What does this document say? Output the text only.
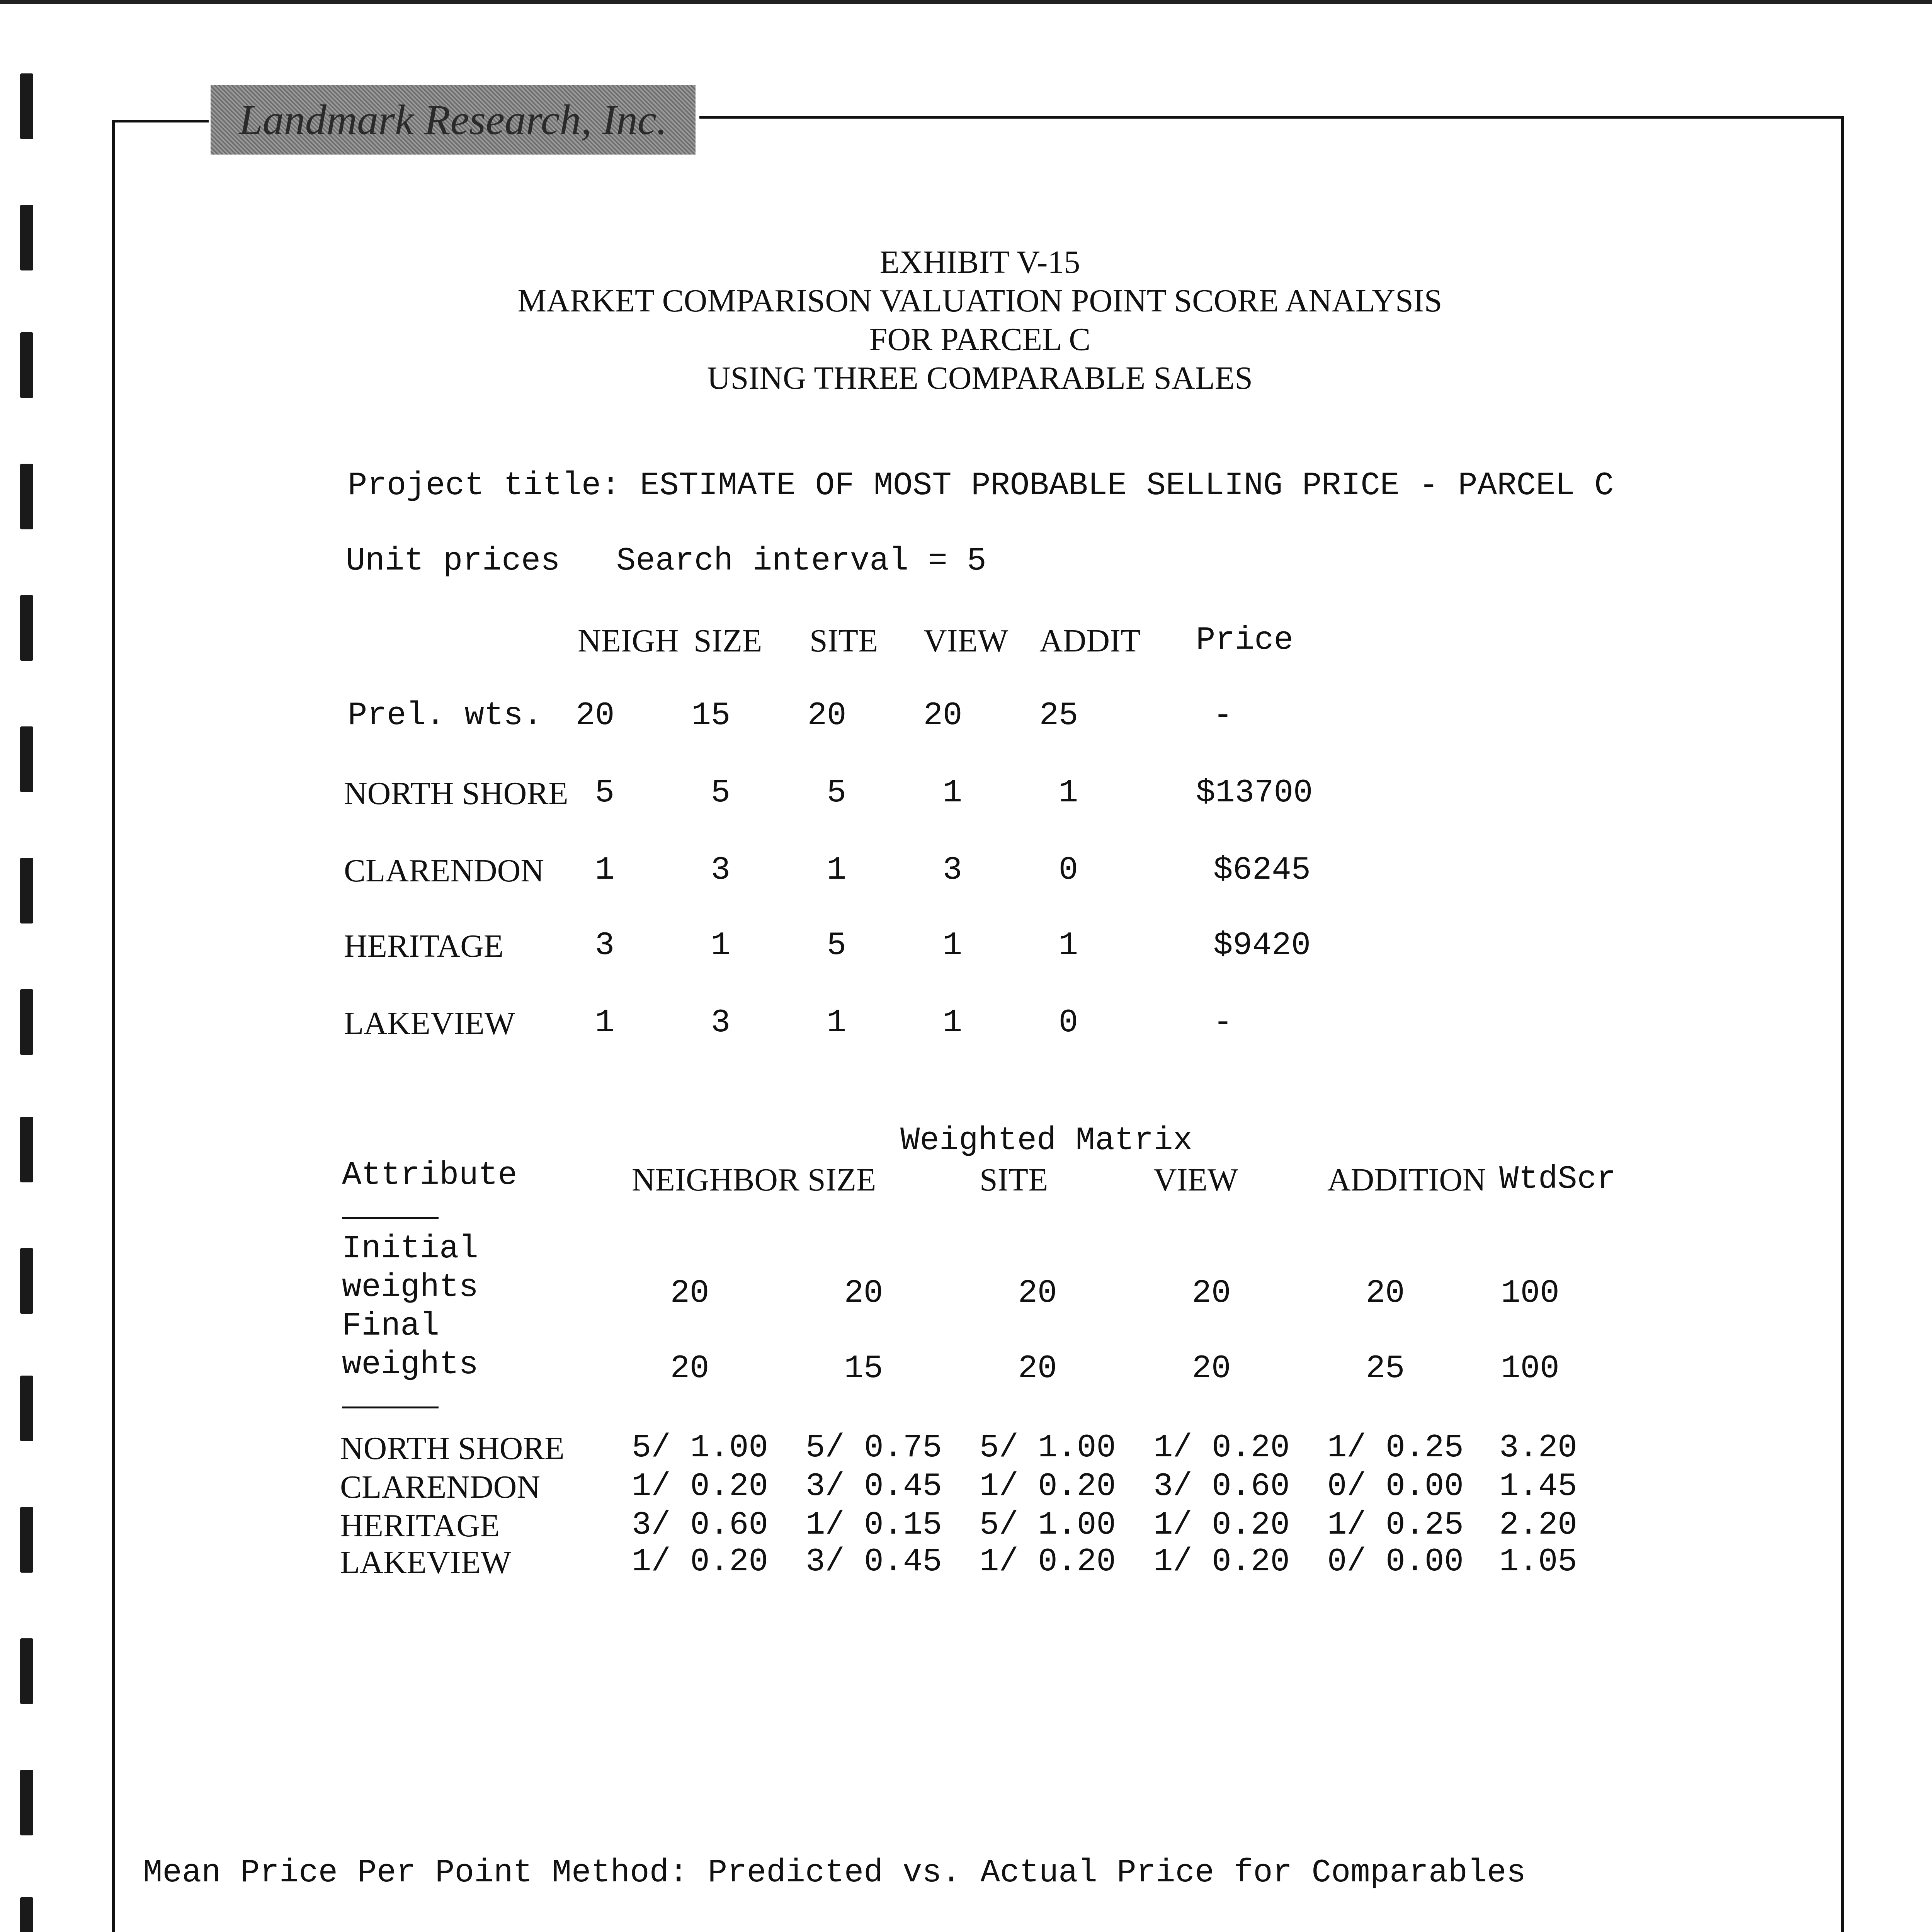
Landmark Research, Inc.
EXHIBIT V-15
MARKET COMPARISON VALUATION POINT SCORE ANALYSIS
FOR PARCEL C
USING THREE COMPARABLE SALES
Project title: ESTIMATE OF MOST PROBABLE SELLING PRICE - PARCEL C
Unit prices Search interval = 5
NEIGH SIZE SITE VIEW ADDIT Price
Prel. wts.	20	15	20	20	25	-
NORTH SHORE 5	5	5	1	1	$13700
CLARENDON	1	3	1	3	0	$6245
HERITAGE	3	1	5	1	1	$9420
LAKEVIEW	1	3	1	1	0	-
Weighted Matrix
Attribute	NEIGHBOR SIZE	SITE	VIEW	ADDITION WtdScr
Initial
weights	20	20	20	20	20	100
Final
weights	20	15	20	20	25	100
NORTH SHORE 5/ 1.00 5/ 0.75 5/ 1.00 1/ 0.20 1/ 0.25 3.20
CLARENDON	1/ 0.20 3/ 0.45 1/ 0.20 3/ 0.60 0/ 0.00 1.45
HERITAGE	3/ 0.60 1/ 0.15 5/ 1.00 1/ 0.20 1/ 0.25 2.20
LAKEVIEW	1/ 0.20 3/ 0.45 1/ 0.20 1/ 0.20 0/ 0.00 1.05
Mean Price Per Point Method: Predicted vs. Actual Price for Comparables
